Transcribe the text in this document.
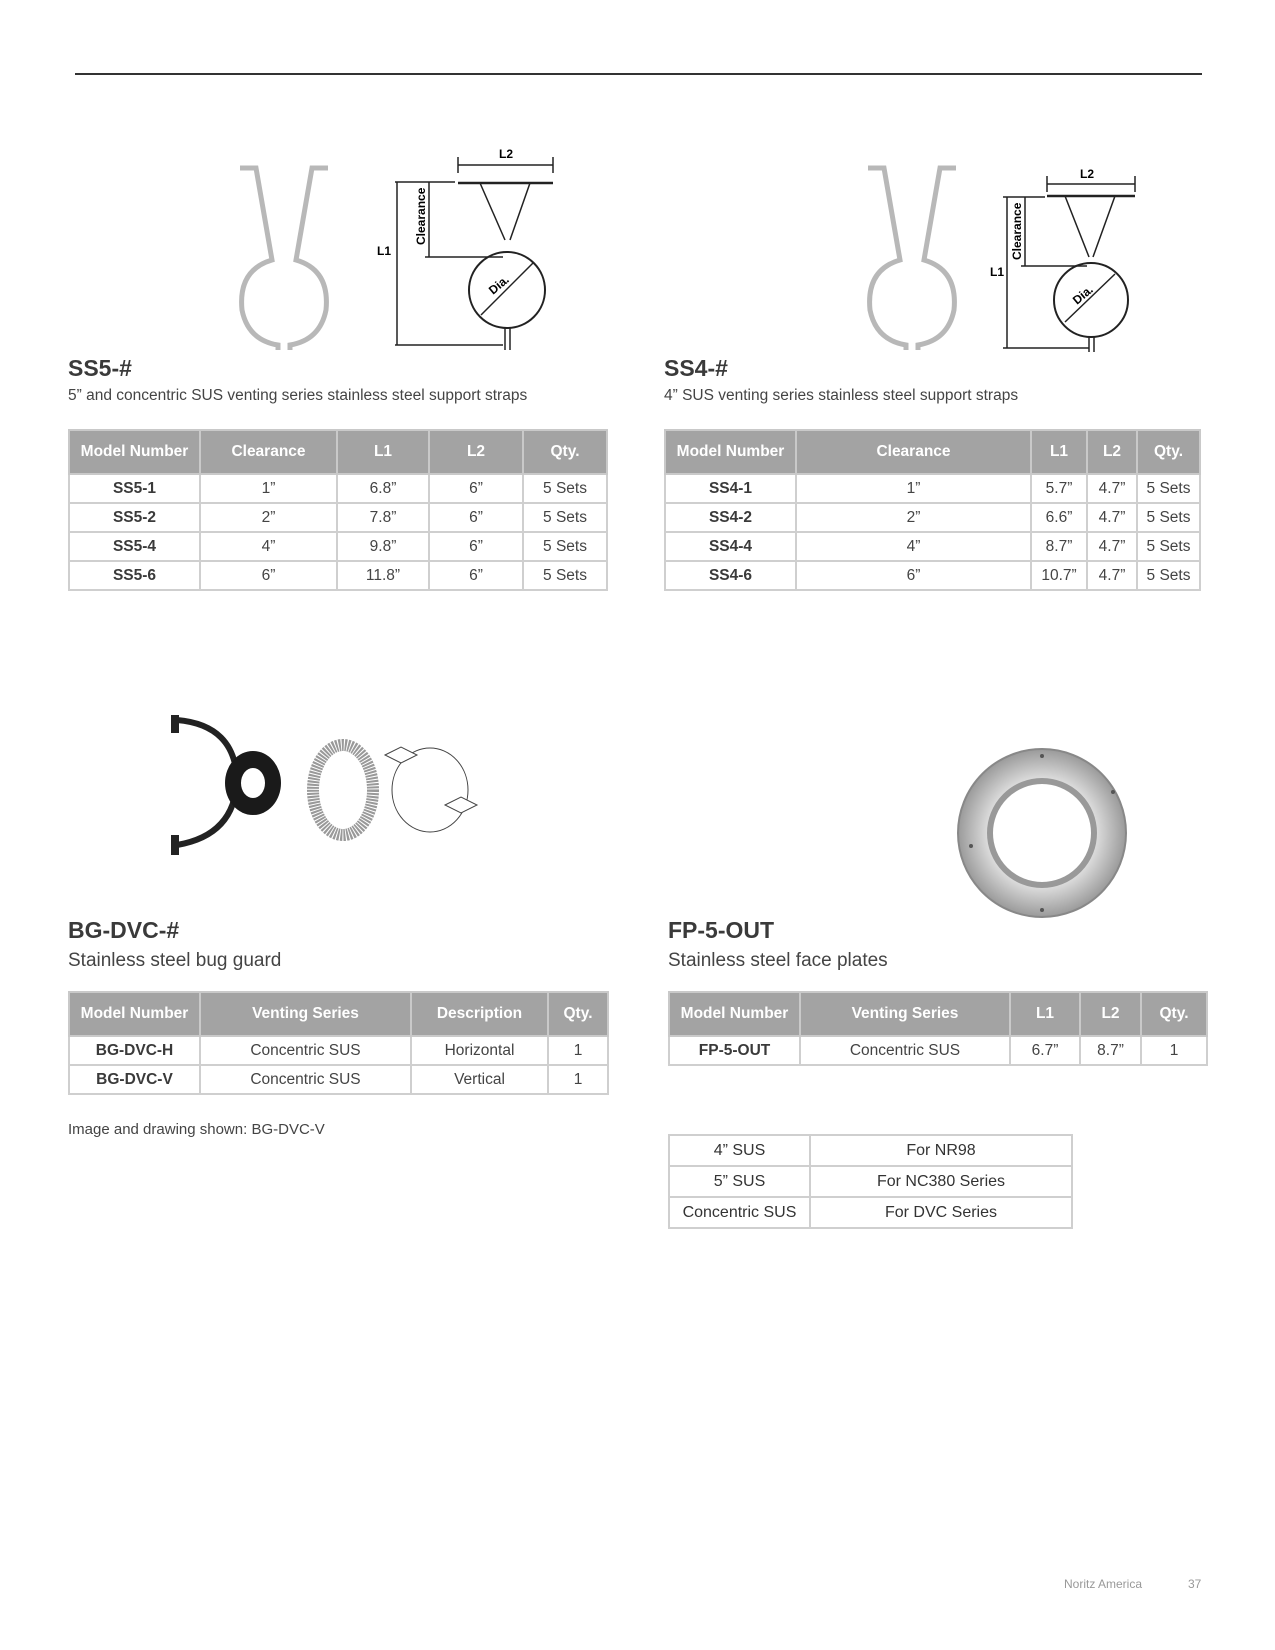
L2
L1
Clearance
Dia.
SS5-#
5” and concentric SUS venting series stainless steel support straps
Model Number	Clearance	L1	L2	Qty.
SS5-1	1”	6.8”	6”	5 Sets
SS5-2	2”	7.8”	6”	5 Sets
SS5-4	4”	9.8”	6”	5 Sets
SS5-6	6”	11.8”	6”	5 Sets
L2
L1
Clearance
Dia.
SS4-#
4” SUS venting series stainless steel support straps
Model Number	Clearance	L1	L2	Qty.
SS4-1	1”	5.7”	4.7”	5 Sets
SS4-2	2”	6.6”	4.7”	5 Sets
SS4-4	4”	8.7”	4.7”	5 Sets
SS4-6	6”	10.7”	4.7”	5 Sets
BG-DVC-#
Stainless steel bug guard
Model Number	Venting Series	Description	Qty.
BG-DVC-H	Concentric SUS	Horizontal	1
BG-DVC-V	Concentric SUS	Vertical	1
Image and drawing shown: BG-DVC-V
FP-5-OUT
Stainless steel face plates
Model Number	Venting Series	L1	L2	Qty.
FP-5-OUT	Concentric SUS	6.7”	8.7”	1
4” SUS	For NR98
5” SUS	For NC380 Series
Concentric SUS	For DVC Series
Noritz America	37
